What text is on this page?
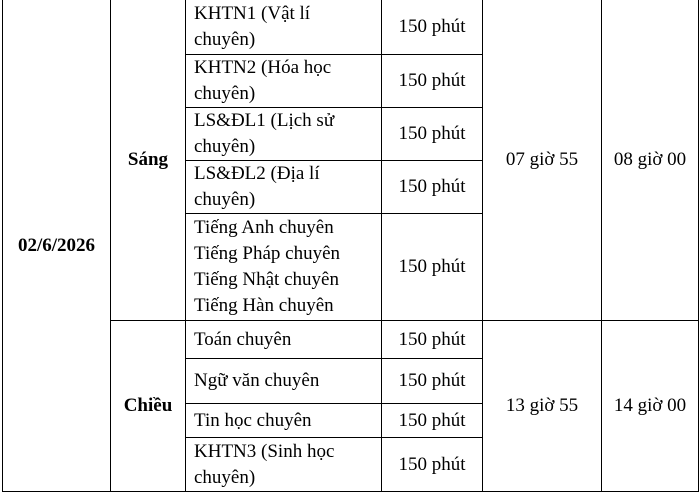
02/6/2026	Sáng	KHTN1 (Vật lí
chuyên)	150 phút	07 giờ 55	08 giờ 00

		KHTN2 (Hóa học
chuyên)	150 phút		

		LS&ĐL1 (Lịch sử
chuyên)	150 phút		

		LS&ĐL2 (Địa lí
chuyên)	150 phút		

		Tiếng Anh chuyên
Tiếng Pháp chuyên
Tiếng Nhật chuyên
Tiếng Hàn chuyên	150 phút		
	Chiều	Toán chuyên	150 phút	13 giờ 55	14 giờ 00

		Ngữ văn chuyên	150 phút		

		Tin học chuyên	150 phút		

		KHTN3 (Sinh học
chuyên)	150 phút		
